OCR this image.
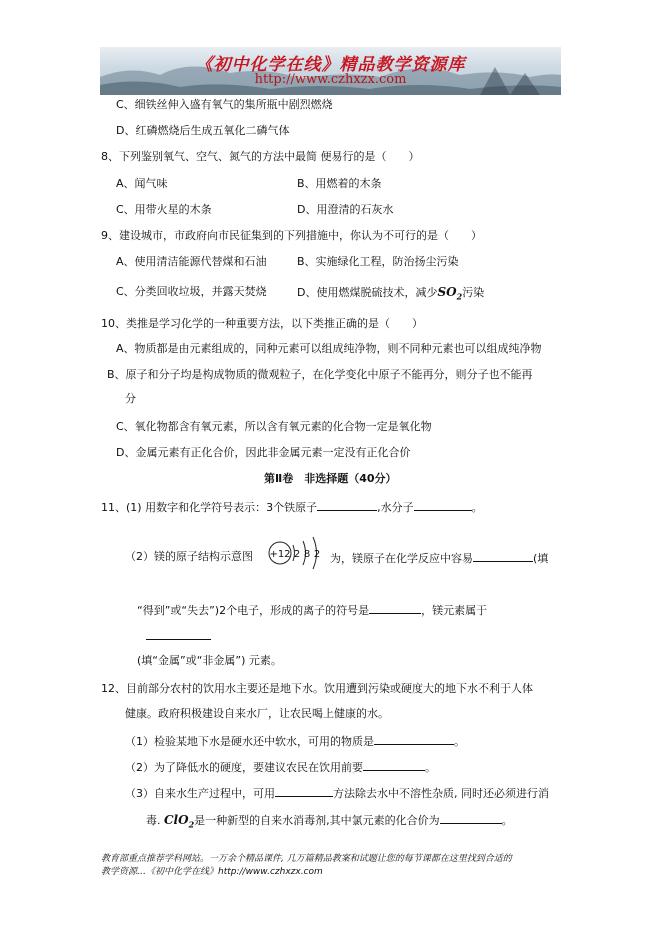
《初中化学在线》精品教学资源库
http://www.czhxzx.com
C、细铁丝伸入盛有氧气的集所瓶中剧烈燃烧
D、红磷燃烧后生成五氧化二磷气体
8、下列鉴别氧气、空气、氮气的方法中最简 便易行的是（　　）
A、闻气味	B、用燃着的木条
C、用带火星的木条	D、用澄清的石灰水
9、建设城市，市政府向市民征集到的下列措施中，你认为不可行的是（　　）
A、使用清洁能源代替煤和石油	B、实施绿化工程，防治扬尘污染
C、分类回收垃圾，并露天焚烧	D、使用燃煤脱硫技术，减少$SO_2$污染
10、类推是学习化学的一种重要方法，以下类推正确的是（　　）
A、物质都是由元素组成的，同种元素可以组成纯净物，则不同种元素也可以组成纯净物
B、原子和分子均是构成物质的微观粒子，在化学变化中原子不能再分，则分子也不能再
分
C、氧化物都含有氧元素，所以含有氧元素的化合物一定是氧化物
D、金属元素有正化合价，因此非金属元素一定没有正化合价
第Ⅱ卷　非选择题（40分）
11、(1) 用数字和化学符号表示：3个铁原子	,水分子	。
+12 2 8 2
（2）镁的原子结构示意图	为，镁原子在化学反应中容易	(填
“得到”或“失去”)2个电子，形成的离子的符号是	，镁元素属于
(填“金属”或“非金属”) 元素。
12、目前部分农村的饮用水主要还是地下水。饮用遭到污染或硬度大的地下水不利于人体
健康。政府积极建设自来水厂，让农民喝上健康的水。
（1）检验某地下水是硬水还中软水，可用的物质是	。
（2）为了降低水的硬度，要建议农民在饮用前要	。
（3）自来水生产过程中，可用	方法除去水中不溶性杂质, 同时还必须进行消
毒. ClO$_2$是一种新型的自来水消毒剂,其中氯元素的化合价为	。
教育部重点推荐学科网站。一万余个精品课件, 几万篇精品教案和试题让您的每节课都在这里找到合适的
教学资源…《初中化学在线》http://www.czhxzx.com
